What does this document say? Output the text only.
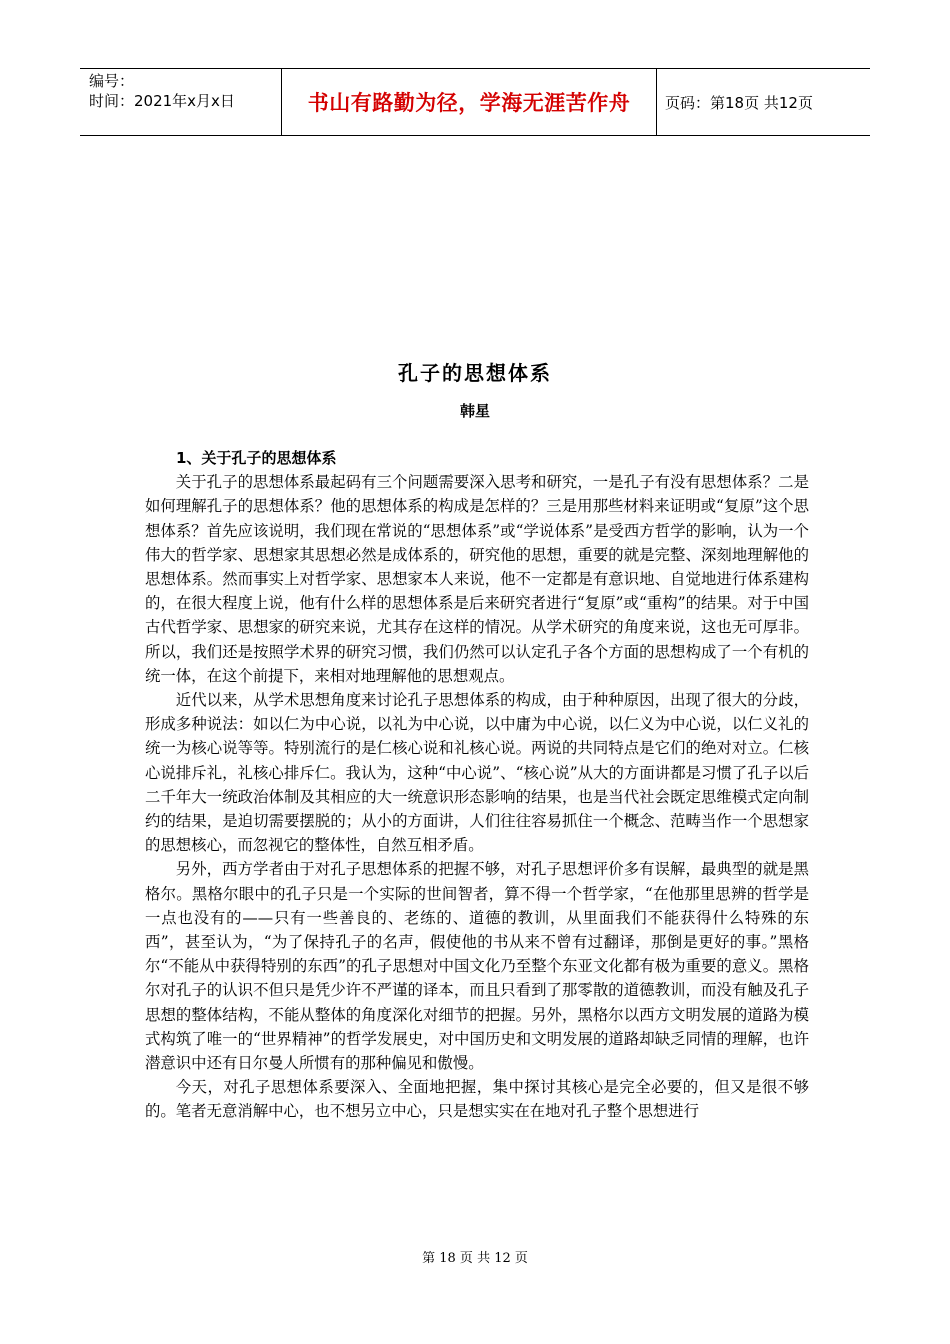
编号：
时间：2021年x月x日	书山有路勤为径，学海无涯苦作舟 页码：第18页 共12页
孔子的思想体系
韩星

1、关于孔子的思想体系

关于孔子的思想体系最起码有三个问题需要深入思考和研究，一是孔子有没有思想体系？二是如何理解孔子的思想体系？他的思想体系的构成是怎样的？三是用那些材料来证明或“复原”这个思想体系？首先应该说明，我们现在常说的“思想体系”或“学说体系”是受西方哲学的影响，认为一个伟大的哲学家、思想家其思想必然是成体系的，研究他的思想，重要的就是完整、深刻地理解他的思想体系。然而事实上对哲学家、思想家本人来说，他不一定都是有意识地、自觉地进行体系建构的，在很大程度上说，他有什么样的思想体系是后来研究者进行“复原”或“重构”的结果。对于中国古代哲学家、思想家的研究来说，尤其存在这样的情况。从学术研究的角度来说，这也无可厚非。所以，我们还是按照学术界的研究习惯，我们仍然可以认定孔子各个方面的思想构成了一个有机的统一体，在这个前提下，来相对地理解他的思想观点。

近代以来，从学术思想角度来讨论孔子思想体系的构成，由于种种原因，出现了很大的分歧，形成多种说法：如以仁为中心说，以礼为中心说，以中庸为中心说，以仁义为中心说，以仁义礼的统一为核心说等等。特别流行的是仁核心说和礼核心说。两说的共同特点是它们的绝对对立。仁核心说排斥礼，礼核心排斥仁。我认为，这种“中心说”、“核心说”从大的方面讲都是习惯了孔子以后二千年大一统政治体制及其相应的大一统意识形态影响的结果，也是当代社会既定思维模式定向制约的结果，是迫切需要摆脱的；从小的方面讲，人们往往容易抓住一个概念、范畴当作一个思想家的思想核心，而忽视它的整体性，自然互相矛盾。

另外，西方学者由于对孔子思想体系的把握不够，对孔子思想评价多有误解，最典型的就是黑格尔。黑格尔眼中的孔子只是一个实际的世间智者，算不得一个哲学家，“在他那里思辨的哲学是一点也没有的——只有一些善良的、老练的、道德的教训，从里面我们不能获得什么特殊的东西”，甚至认为，“为了保持孔子的名声，假使他的书从来不曾有过翻译，那倒是更好的事。”黑格尔“不能从中获得特别的东西”的孔子思想对中国文化乃至整个东亚文化都有极为重要的意义。黑格尔对孔子的认识不但只是凭少许不严谨的译本，而且只看到了那零散的道德教训，而没有触及孔子思想的整体结构，不能从整体的角度深化对细节的把握。另外，黑格尔以西方文明发展的道路为模式构筑了唯一的“世界精神”的哲学发展史，对中国历史和文明发展的道路却缺乏同情的理解，也许潜意识中还有日尔曼人所惯有的那种偏见和傲慢。

今天，对孔子思想体系要深入、全面地把握，集中探讨其核心是完全必要的，但又是很不够的。笔者无意消解中心，也不想另立中心，只是想实实在在地对孔子整个思想进行

第 18 页 共 12 页
